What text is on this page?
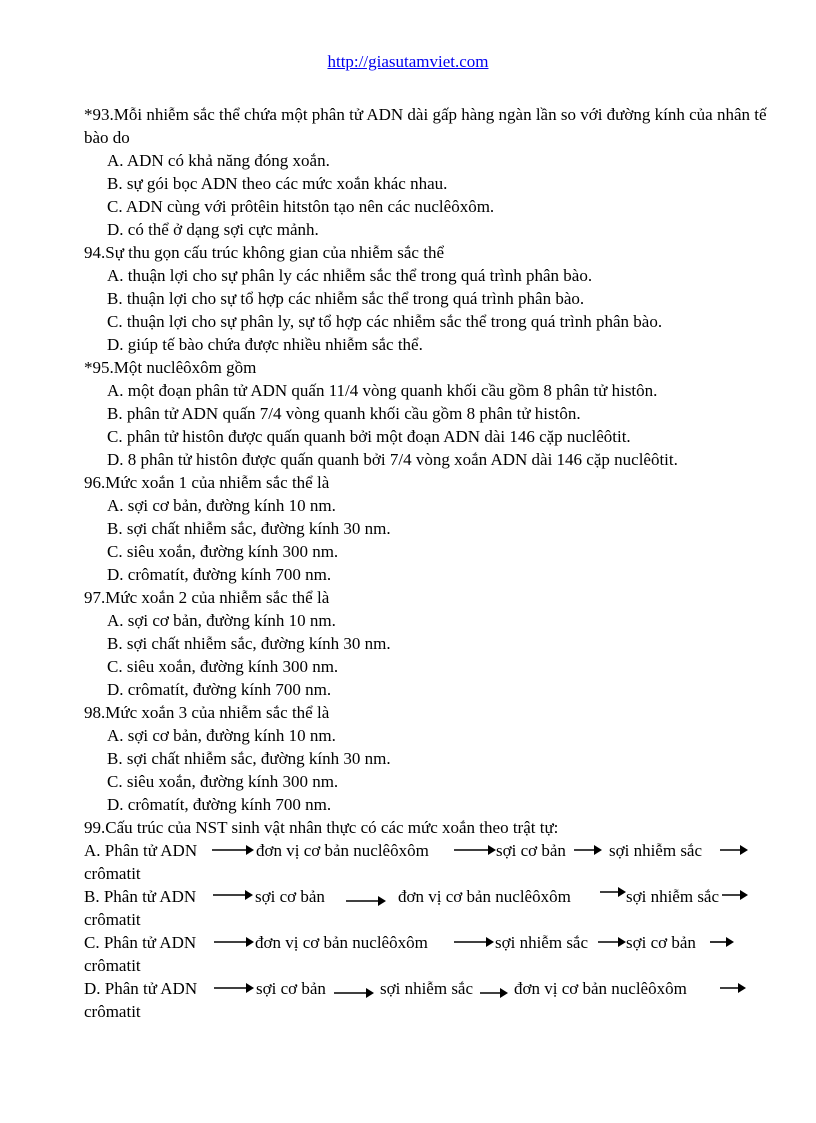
http://giasutamviet.com

*93.Mỗi nhiễm sắc thể chứa một phân tử ADN dài gấp hàng ngàn lần so với đường kính của nhân tế bào do

A. ADN có khả năng đóng xoắn.

B. sự gói bọc ADN theo các mức xoắn khác nhau.

C. ADN cùng với prôtêin hitstôn tạo nên các nuclêôxôm.

D. có thể ở dạng sợi cực mảnh.

94.Sự thu gọn cấu trúc không gian của nhiễm sắc thể

A. thuận lợi cho sự phân ly các nhiễm sắc thể trong quá trình phân bào.

B. thuận lợi cho sự tổ hợp các nhiễm sắc thể trong quá trình phân bào.

C. thuận lợi cho sự phân ly, sự tổ hợp các nhiễm sắc thể trong quá trình phân bào.

D. giúp tế bào chứa được nhiều nhiễm sắc thể.

*95.Một nuclêôxôm gồm

A. một đoạn phân tử ADN quấn 11/4 vòng quanh khối cầu gồm 8 phân tử histôn.

B. phân tử ADN quấn 7/4 vòng quanh khối cầu gồm 8 phân tử histôn.

C. phân tử histôn được quấn quanh bởi một đoạn ADN dài 146 cặp nuclêôtit.

D. 8 phân tử histôn được quấn quanh bởi 7/4 vòng xoắn ADN dài 146 cặp nuclêôtit.

96.Mức xoắn 1 của nhiễm sắc thể là

A. sợi cơ bản, đường kính 10 nm.

B. sợi chất nhiễm sắc, đường kính 30 nm.

C. siêu xoắn, đường kính 300 nm.

D. crômatít, đường kính 700 nm.

97.Mức xoắn 2 của nhiễm sắc thể là

A. sợi cơ bản, đường kính 10 nm.

B. sợi chất nhiễm sắc, đường kính 30 nm.

C. siêu xoắn, đường kính 300 nm.

D. crômatít, đường kính 700 nm.

98.Mức xoắn 3 của nhiễm sắc thể là

A. sợi cơ bản, đường kính 10 nm.

B. sợi chất nhiễm sắc, đường kính 30 nm.

C. siêu xoắn, đường kính 300 nm.

D. crômatít, đường kính 700 nm.

99.Cấu trúc của NST sinh vật nhân thực có các mức xoắn theo trật tự:

A. Phân tử ADN	đơn vị cơ bản nuclêôxôm	sợi cơ bản	sợi nhiễm sắc
crômatit
B. Phân tử ADN	sợi cơ bản	đơn vị cơ bản nuclêôxôm	sợi nhiễm sắc
crômatit
C. Phân tử ADN	đơn vị cơ bản nuclêôxôm	sợi nhiễm sắc sợi cơ bản
crômatit
D. Phân tử ADN	sợi cơ bản	sợi nhiễm sắc đơn vị cơ bản nuclêôxôm
crômatit
